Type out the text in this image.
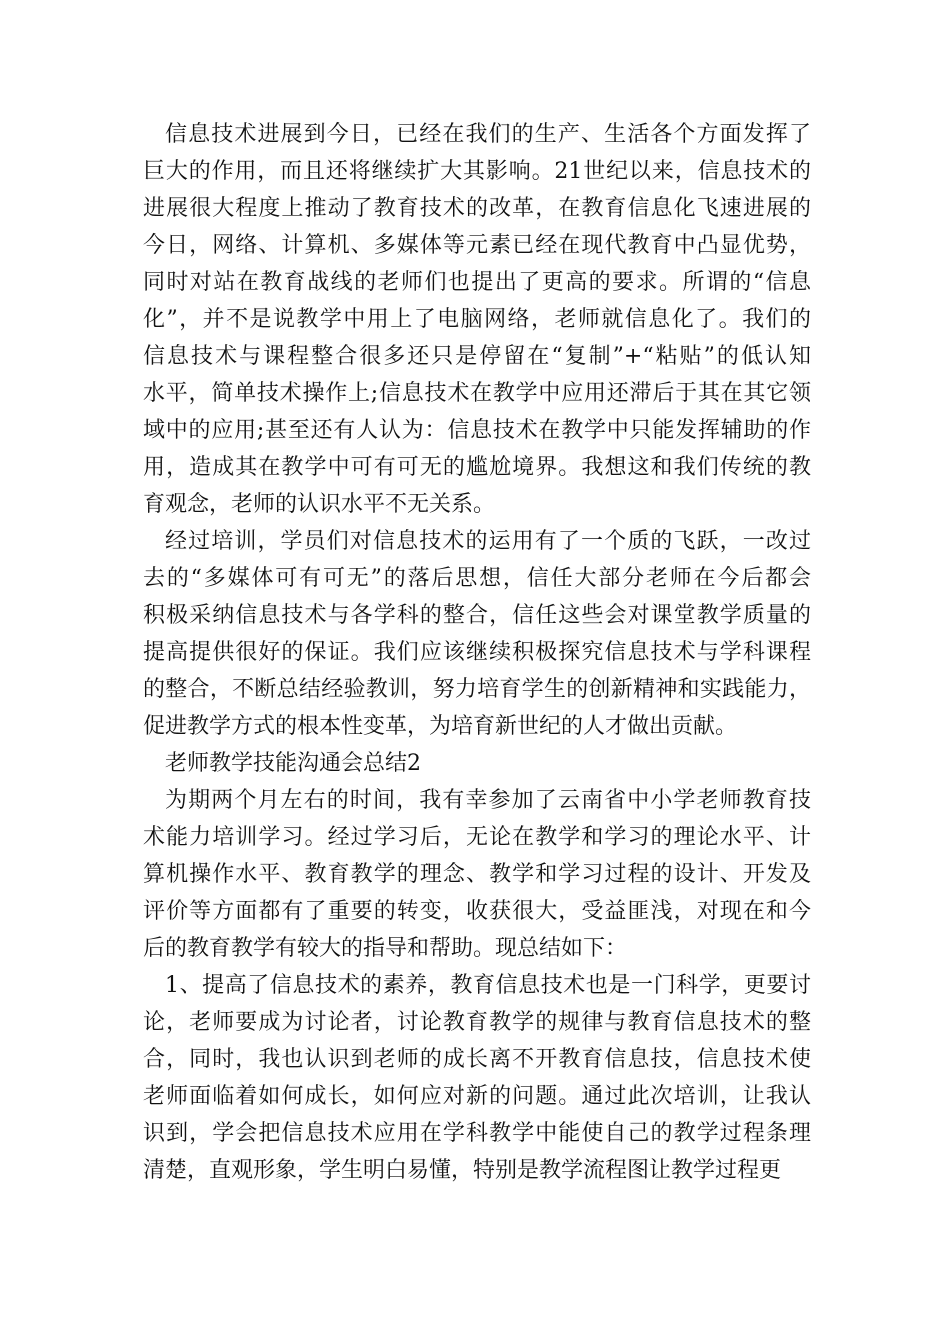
信息技术进展到今日，已经在我们的生产、生活各个方面发挥了
巨大的作用，而且还将继续扩大其影响。21世纪以来，信息技术的
进展很大程度上推动了教育技术的改革，在教育信息化飞速进展的
今日，网络、计算机、多媒体等元素已经在现代教育中凸显优势，
同时对站在教育战线的老师们也提出了更高的要求。所谓的“信息
化”，并不是说教学中用上了电脑网络，老师就信息化了。我们的
信息技术与课程整合很多还只是停留在“复制”+“粘贴”的低认知
水平，简单技术操作上;信息技术在教学中应用还滞后于其在其它领
域中的应用;甚至还有人认为：信息技术在教学中只能发挥辅助的作
用，造成其在教学中可有可无的尴尬境界。我想这和我们传统的教
育观念，老师的认识水平不无关系。
经过培训，学员们对信息技术的运用有了一个质的飞跃，一改过
去的“多媒体可有可无”的落后思想，信任大部分老师在今后都会
积极采纳信息技术与各学科的整合，信任这些会对课堂教学质量的
提高提供很好的保证。我们应该继续积极探究信息技术与学科课程
的整合，不断总结经验教训，努力培育学生的创新精神和实践能力，
促进教学方式的根本性变革，为培育新世纪的人才做出贡献。
老师教学技能沟通会总结2
为期两个月左右的时间，我有幸参加了云南省中小学老师教育技
术能力培训学习。经过学习后，无论在教学和学习的理论水平、计
算机操作水平、教育教学的理念、教学和学习过程的设计、开发及
评价等方面都有了重要的转变，收获很大，受益匪浅，对现在和今
后的教育教学有较大的指导和帮助。现总结如下：
1、提高了信息技术的素养，教育信息技术也是一门科学，更要讨
论，老师要成为讨论者，讨论教育教学的规律与教育信息技术的整
合，同时，我也认识到老师的成长离不开教育信息技，信息技术使
老师面临着如何成长，如何应对新的问题。通过此次培训，让我认
识到，学会把信息技术应用在学科教学中能使自己的教学过程条理
清楚，直观形象，学生明白易懂，特别是教学流程图让教学过程更
